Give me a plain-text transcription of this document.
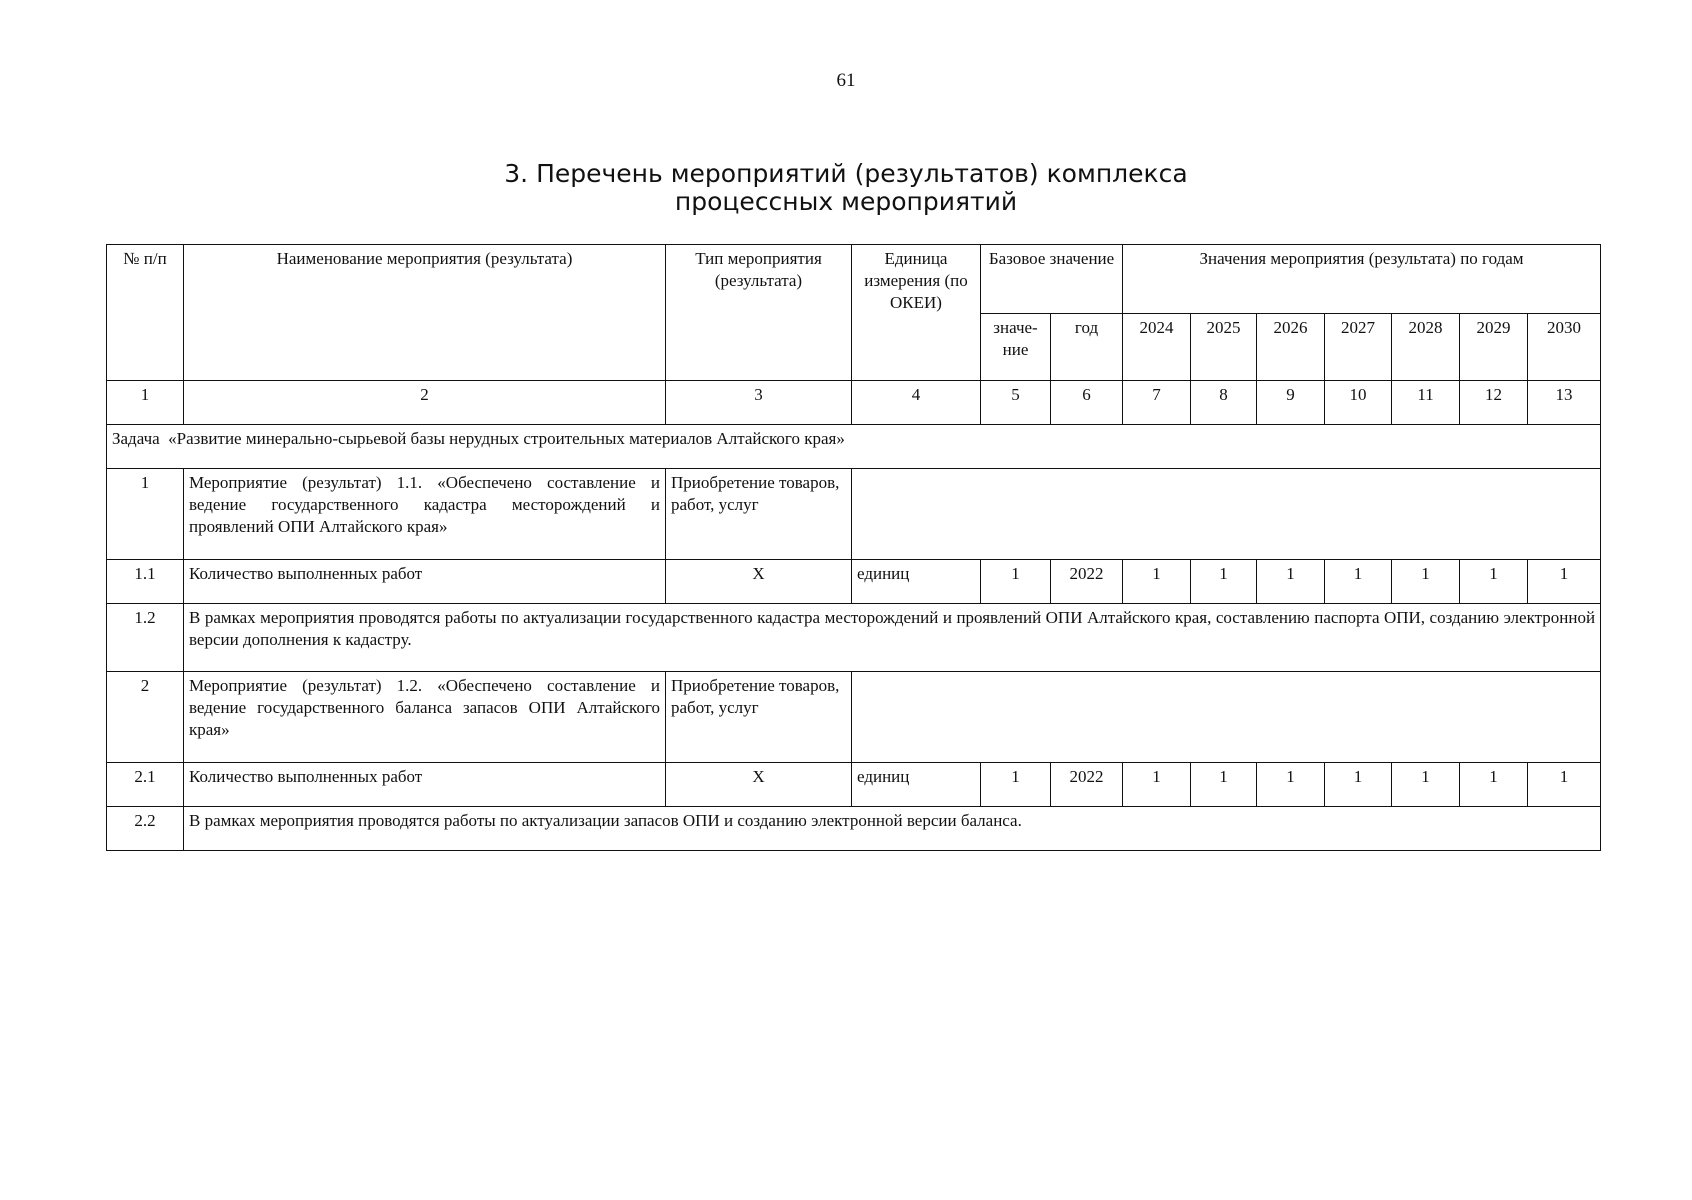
61
3. Перечень мероприятий (результатов) комплекса
процессных мероприятий
№ п/п	Наименование мероприятия (результата)	Тип мероприятия (результата)	Единица измерения (по ОКЕИ)	Базовое значение		Значения мероприятия (результата) по годам						
				значе-ние	год	2024	2025	2026	2027	2028	2029	2030
1	2	3	4	5	6	7	8	9	10	11	12	13
Задача «Развитие минерально-сырьевой базы нерудных строительных материалов Алтайского края»												
1	Мероприятие (результат) 1.1. «Обеспечено составление и ведение государственного кадастра месторождений и проявлений ОПИ Алтайского края»	Приобретение товаров, работ, услуг										
1.1	Количество выполненных работ	X	единиц	1	2022	1	1	1	1	1	1	1
1.2	В рамках мероприятия проводятся работы по актуализации государственного кадастра месторождений и проявлений ОПИ Алтайского края, составлению паспорта ОПИ, созданию электронной версии дополнения к кадастру.											
2	Мероприятие (результат) 1.2. «Обеспечено составление и ведение государственного баланса запасов ОПИ Алтайского края»	Приобретение товаров, работ, услуг										
2.1	Количество выполненных работ	X	единиц	1	2022	1	1	1	1	1	1	1
2.2	В рамках мероприятия проводятся работы по актуализации запасов ОПИ и созданию электронной версии баланса.											
